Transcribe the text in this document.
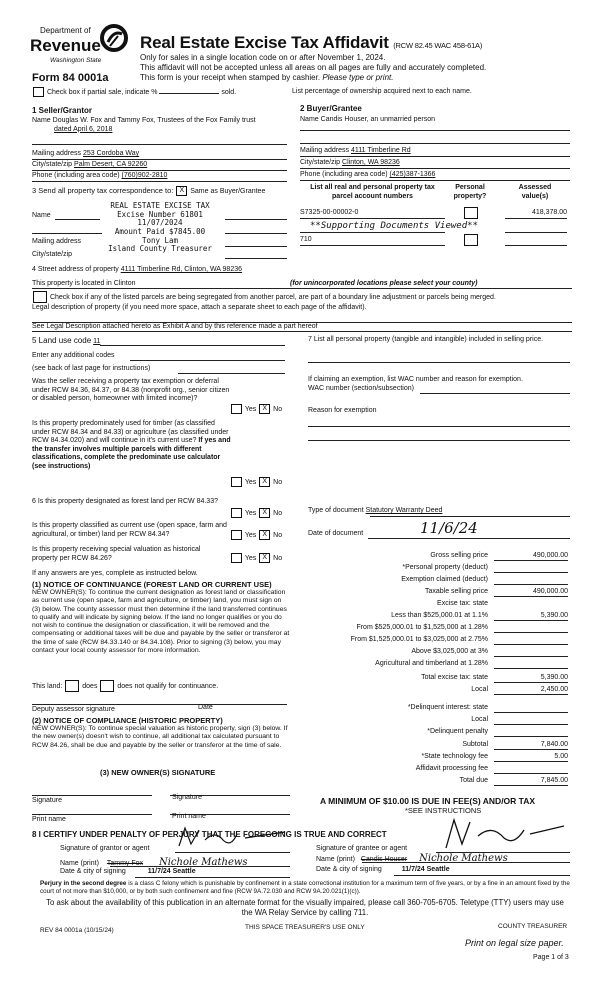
Department of
Revenue
Washington State
Form 84 0001a
Real Estate Excise Tax Affidavit (RCW 82.45 WAC 458-61A)
Only for sales in a single location code on or after November 1, 2024.
This affidavit will not be accepted unless all areas on all pages are fully and accurately completed.
This form is your receipt when stamped by cashier. Please type or print.
Check box if partial sale, indicate %	sold.	List percentage of ownership acquired next to each name.
1 Seller/Grantor
Name Douglas W. Fox and Tammy Fox, Trustees of the Fox Family trust
dated April 6, 2018
Mailing address 253 Cordoba Way
City/state/zip Palm Desert, CA 92260
Phone (including area code) (760)902-2810
2 Buyer/Grantee
Name Candis Houser, an unmarried person
Mailing address 4111 Timberline Rd
City/state/zip Clinton, WA 98236
Phone (including area code) (425)387-1366
3 Send all property tax correspondence to: X Same as Buyer/Grantee
Name
REAL ESTATE EXCISE TAX
Excise Number 61801
11/07/2024
Amount Paid $7845.00
Tony Lam
Island County Treasurer
Mailing address
City/state/zip
List all real and personal property tax parcel account numbers
Personal property?
Assessed value(s)
S7325-00-00002-0	418,378.00
**Supporting Documents Viewed**
710
4 Street address of property 4111 Timberline Rd, Clinton, WA 98236
This property is located in Clinton	(for unincorporated locations please select your county)
Check box if any of the listed parcels are being segregated from another parcel, are part of a boundary line adjustment or parcels being merged.
Legal description of property (if you need more space, attach a separate sheet to each page of the affidavit).
See Legal Description attached hereto as Exhibit A and by this reference made a part hereof
5 Land use code 11
Enter any additional codes
(see back of last page for instructions)
Was the seller receiving a property tax exemption or deferral under RCW 84.36, 84.37, or 84.38 (nonprofit org., senior citizen or disabled person, homeowner with limited income)?
Yes X No
Is this property predominately used for timber (as classified under RCW 84.34 and 84.33) or agriculture (as classified under RCW 84.34.020) and will continue in it's current use? If yes and the transfer involves multiple parcels with different classifications, complete the predominate use calculator (see instructions)
Yes X No
7 List all personal property (tangible and intangible) included in selling price.
If claiming an exemption, list WAC number and reason for exemption.
WAC number (section/subsection)
Reason for exemption
Type of document Statutory Warranty Deed
Date of document	11/6/24
6 Is this property designated as forest land per RCW 84.33?
Yes X No
Is this property classified as current use (open space, farm and agricultural, or timber) land per RCW 84.34?	Yes X No
Is this property receiving special valuation as historical property per RCW 84.26?	Yes X No
If any answers are yes, complete as instructed below.
(1) NOTICE OF CONTINUANCE (FOREST LAND OR CURRENT USE)
NEW OWNER(S): To continue the current designation as forest land or classification as current use (open space, farm and agriculture, or timber) land, you must sign on (3) below. The county assessor must then determine if the land transferred continues to qualify and will indicate by signing below. If the land no longer qualifies or you do not wish to continue the designation or classification, it will be removed and the compensating or additional taxes will be due and payable by the seller or transferor at the time of sale (RCW 84.33.140 or 84.34.108). Prior to signing (3) below, you may contact your local county assessor for more information.
This land:	does	does not qualify for continuance.
Deputy assessor signature	Date
(2) NOTICE OF COMPLIANCE (HISTORIC PROPERTY)
NEW OWNER(S): To continue special valuation as historic property, sign (3) below. If the new owner(s) doesn't wish to continue, all additional tax calculated pursuant to RCW 84.26, shall be due and payable by the seller or transferor at the time of sale.
(3) NEW OWNER(S) SIGNATURE
Signature	Signature
Print name	Print name
Gross selling price	490,000.00
*Personal property (deduct)
Exemption claimed (deduct)
Taxable selling price	490,000.00
Excise tax: state
Less than $525,000.01 at 1.1%	5,390.00
From $525,000.01 to $1,525,000 at 1.28%
From $1,525,000.01 to $3,025,000 at 2.75%
Above $3,025,000 at 3%
Agricultural and timberland at 1.28%
Total excise tax: state	5,390.00
Local	2,450.00
*Delinquent interest: state
Local
*Delinquent penalty
Subtotal	7,840.00
*State technology fee	5.00
Affidavit processing fee
Total due	7,845.00
A MINIMUM OF $10.00 IS DUE IN FEE(S) AND/OR TAX
*SEE INSTRUCTIONS
8 I CERTIFY UNDER PENALTY OF PERJURY THAT THE FOREGOING IS TRUE AND CORRECT
Signature of grantor or agent	Signature of grantee or agent
Name (print) Tammy Fox Nichole Mathews	Name (print) Candis Houser Nichole Mathews
Date & city of signing	11/7/24 Seattle	Date & city of signing	11/7/24 Seattle
Perjury in the second degree is a class C felony which is punishable by confinement in a state correctional institution for a maximum term of five years, or by a fine in an amount fixed by the court of not more than $10,000, or by both such confinement and fine (RCW 9A.72.030 and RCW 9A.20.021(1)(c)).
To ask about the availability of this publication in an alternate format for the visually impaired, please call 360-705-6705. Teletype (TTY) users may use the WA Relay Service by calling 711.
REV 84 0001a (10/15/24)	THIS SPACE TREASURER'S USE ONLY	COUNTY TREASURER
Print on legal size paper.
Page 1 of 3
